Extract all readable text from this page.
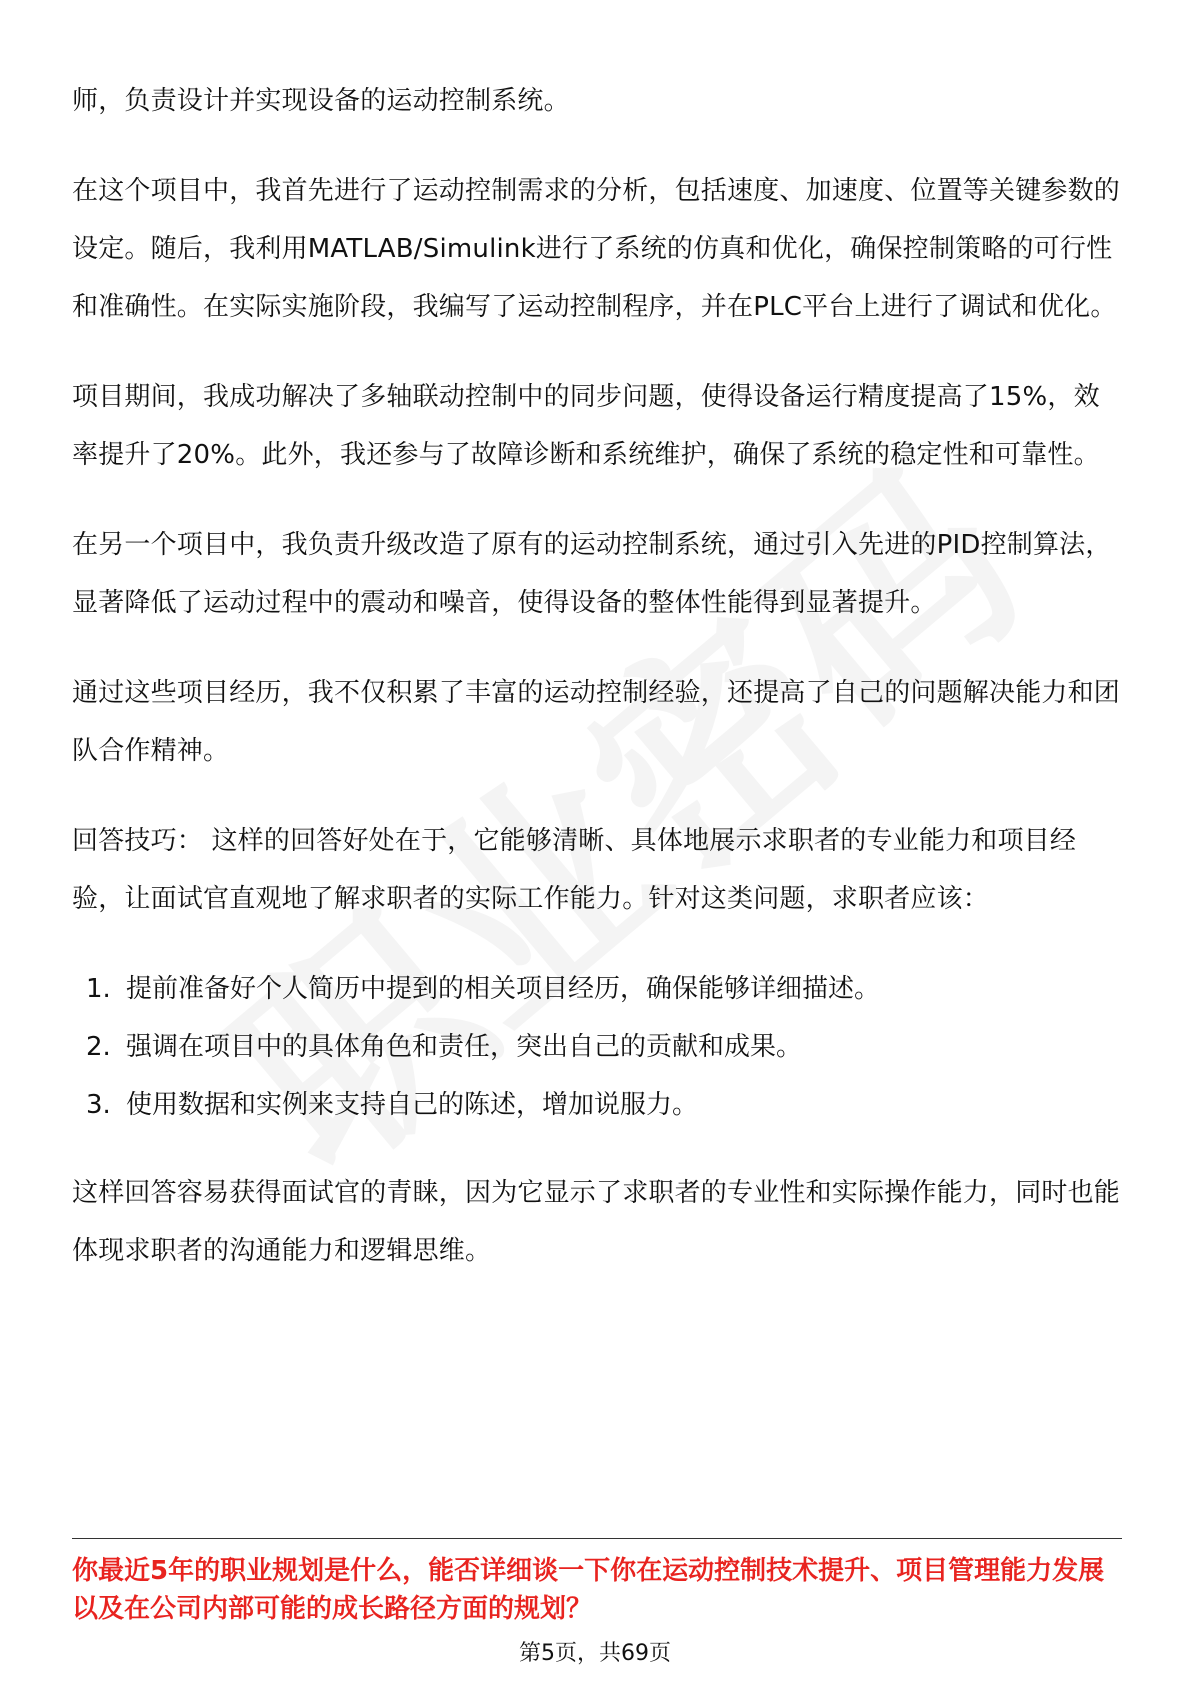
师，负责设计并实现设备的运动控制系统。

在这个项目中，我首先进行了运动控制需求的分析，包括速度、加速度、位置等关键参数的设定。随后，我利用MATLAB/Simulink进行了系统的仿真和优化，确保控制策略的可行性和准确性。在实际实施阶段，我编写了运动控制程序，并在PLC平台上进行了调试和优化。

项目期间，我成功解决了多轴联动控制中的同步问题，使得设备运行精度提高了15%，效率提升了20%。此外，我还参与了故障诊断和系统维护，确保了系统的稳定性和可靠性。

在另一个项目中，我负责升级改造了原有的运动控制系统，通过引入先进的PID控制算法，显著降低了运动过程中的震动和噪音，使得设备的整体性能得到显著提升。

通过这些项目经历，我不仅积累了丰富的运动控制经验，还提高了自己的问题解决能力和团队合作精神。

回答技巧： 这样的回答好处在于，它能够清晰、具体地展示求职者的专业能力和项目经验，让面试官直观地了解求职者的实际工作能力。针对这类问题，求职者应该：

1. 提前准备好个人简历中提到的相关项目经历，确保能够详细描述。
2. 强调在项目中的具体角色和责任，突出自己的贡献和成果。
3. 使用数据和实例来支持自己的陈述，增加说服力。

这样回答容易获得面试官的青睐，因为它显示了求职者的专业性和实际操作能力，同时也能体现求职者的沟通能力和逻辑思维。

你最近5年的职业规划是什么，能否详细谈一下你在运动控制技术提升、项目管理能力发展以及在公司内部可能的成长路径方面的规划？
第5页，共69页
